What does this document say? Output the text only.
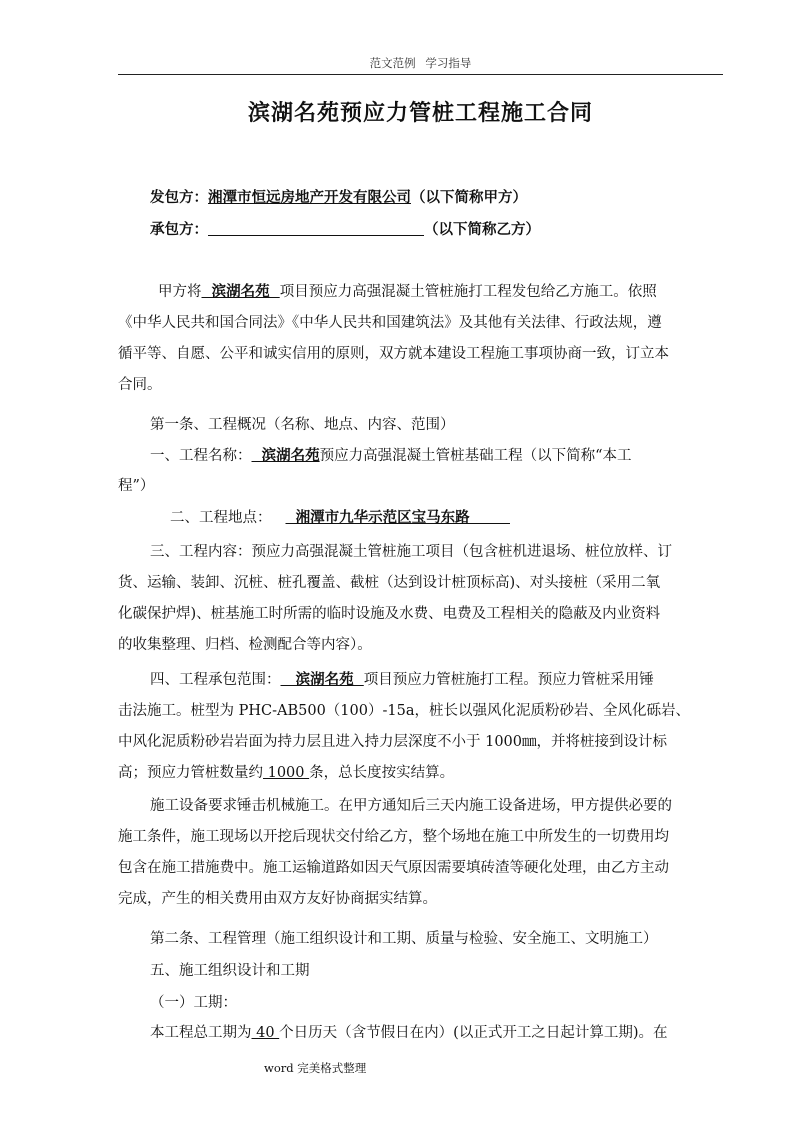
范文范例 学习指导
滨湖名苑预应力管桩工程施工合同
发包方：湘潭市恒远房地产开发有限公司（以下简称甲方）
承包方：	（以下简称乙方）
甲方将  滨湖名苑  项目预应力高强混凝土管桩施打工程发包给乙方施工。依照
《中华人民共和国合同法》《中华人民共和国建筑法》及其他有关法律、行政法规，遵
循平等、自愿、公平和诚实信用的原则，双方就本建设工程施工事项协商一致，订立本
合同。
第一条、工程概况（名称、地点、内容、范围）
一、工程名称：  滨湖名苑预应力高强混凝土管桩基础工程（以下简称“本工
程”）
二、工程地点：  湘潭市九华示范区宝马东路
三、工程内容：预应力高强混凝土管桩施工项目（包含桩机进退场、桩位放样、订
货、运输、装卸、沉桩、桩孔覆盖、截桩（达到设计桩顶标高)、对头接桩（采用二氧
化碳保护焊)、桩基施工时所需的临时设施及水费、电费及工程相关的隐蔽及内业资料
的收集整理、归档、检测配合等内容）。
四、工程承包范围：   滨湖名苑  项目预应力管桩施打工程。预应力管桩采用锤
击法施工。桩型为 PHC-AB500（100）-15a，桩长以强风化泥质粉砂岩、全风化砾岩、
中风化泥质粉砂岩岩面为持力层且进入持力层深度不小于 1000㎜，并将桩接到设计标
高；预应力管桩数量约 1000 条，总长度按实结算。
施工设备要求锤击机械施工。在甲方通知后三天内施工设备进场，甲方提供必要的
施工条件，施工现场以开挖后现状交付给乙方，整个场地在施工中所发生的一切费用均
包含在施工措施费中。施工运输道路如因天气原因需要填砖渣等硬化处理，由乙方主动
完成，产生的相关费用由双方友好协商据实结算。
第二条、工程管理（施工组织设计和工期、质量与检验、安全施工、文明施工）
五、施工组织设计和工期
（一）工期：
本工程总工期为 40 个日历天（含节假日在内）(以正式开工之日起计算工期)。在
word 完美格式整理
